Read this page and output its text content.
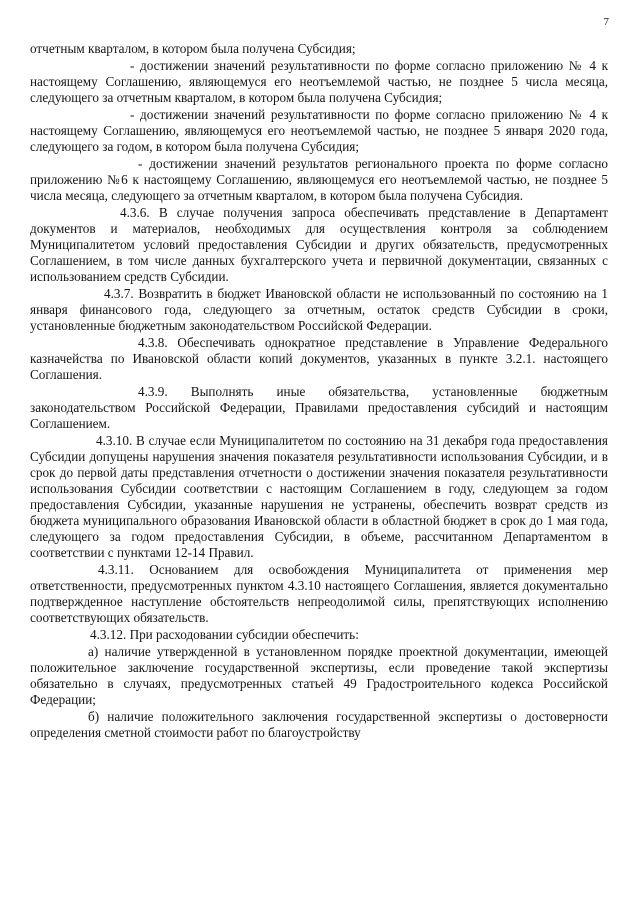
7

отчетным кварталом, в котором была получена Субсидия;

- достижении значений результативности по форме согласно приложению № 4 к настоящему Соглашению, являющемуся его неотъемлемой частью, не позднее 5 числа месяца, следующего за отчетным кварталом, в котором была получена Субсидия;

- достижении значений результативности по форме согласно приложению № 4 к настоящему Соглашению, являющемуся его неотъемлемой частью, не позднее 5 января 2020 года, следующего за годом, в котором была получена Субсидия;

- достижении значений результатов регионального проекта по форме согласно приложению №6 к настоящему Соглашению, являющемуся его неотъемлемой частью, не позднее 5 числа месяца, следующего за отчетным кварталом, в котором была получена Субсидия.

4.3.6. В случае получения запроса обеспечивать представление в Департамент документов и материалов, необходимых для осуществления контроля за соблюдением Муниципалитетом условий предоставления Субсидии и других обязательств, предусмотренных Соглашением, в том числе данных бухгалтерского учета и первичной документации, связанных с использованием средств Субсидии.

4.3.7. Возвратить в бюджет Ивановской области не использованный по состоянию на 1 января финансового года, следующего за отчетным, остаток средств Субсидии в сроки, установленные бюджетным законодательством Российской Федерации.

4.3.8. Обеспечивать однократное представление в Управление Федерального казначейства по Ивановской области копий документов, указанных в пункте 3.2.1. настоящего Соглашения.

4.3.9. Выполнять иные обязательства, установленные бюджетным законодательством Российской Федерации, Правилами предоставления субсидий и настоящим Соглашением.

4.3.10. В случае если Муниципалитетом по состоянию на 31 декабря года предоставления Субсидии допущены нарушения значения показателя результативности использования Субсидии, и в срок до первой даты представления отчетности о достижении значения показателя результативности использования Субсидии соответствии с настоящим Соглашением в году, следующем за годом предоставления Субсидии, указанные нарушения не устранены, обеспечить возврат средств из бюджета муниципального образования Ивановской области в областной бюджет в срок до 1 мая года, следующего за годом предоставления Субсидии, в объеме, рассчитанном Департаментом в соответствии с пунктами 12-14 Правил.

4.3.11. Основанием для освобождения Муниципалитета от применения мер ответственности, предусмотренных пунктом 4.3.10 настоящего Соглашения, является документально подтвержденное наступление обстоятельств непреодолимой силы, препятствующих исполнению соответствующих обязательств.

4.3.12. При расходовании субсидии обеспечить:

а) наличие утвержденной в установленном порядке проектной документации, имеющей положительное заключение государственной экспертизы, если проведение такой экспертизы обязательно в случаях, предусмотренных статьей 49 Градостроительного кодекса Российской Федерации;

б) наличие положительного заключения государственной экспертизы о достоверности определения сметной стоимости работ по благоустройству
